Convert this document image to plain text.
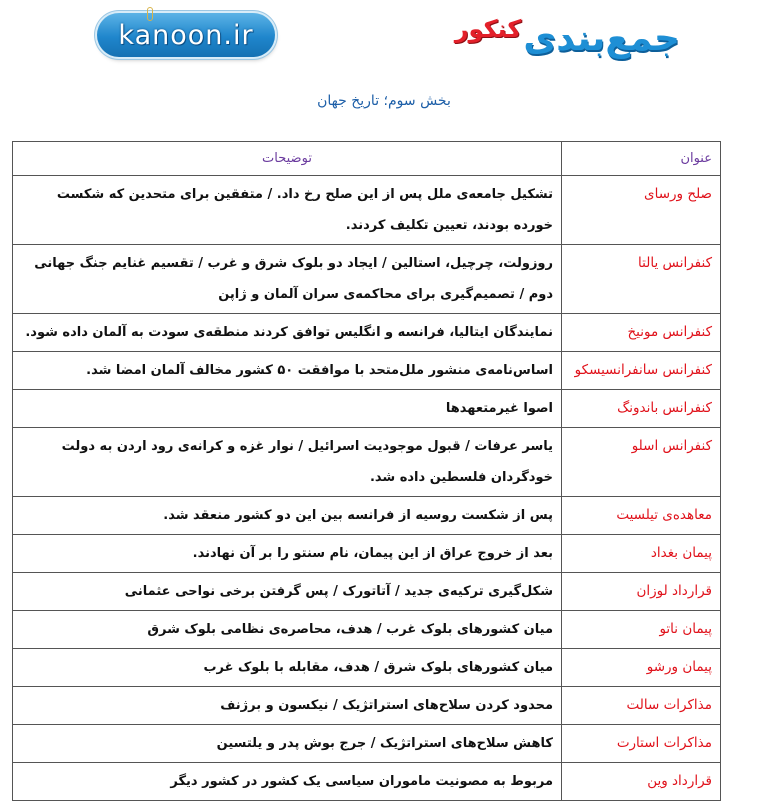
kanoon.ir	جمع‌بندی
کنکور
بخش سوم؛ تاریخ جهان
عنوان	توضیحات
صلح ورسای	تشکیل جامعه‌ی ملل پس از این صلح رخ داد. / متفقین برای متحدین که شکست خورده بودند، تعیین تکلیف کردند.
کنفرانس یالتا	روزولت، چرچیل، استالین / ایجاد دو بلوک شرق و غرب / تقسیم غنایم جنگ جهانی دوم / تصمیم‌گیری برای محاکمه‌ی سران آلمان و ژاپن
کنفرانس مونیخ	نمایندگان ایتالیا، فرانسه و انگلیس توافق کردند منطقه‌ی سودت به آلمان داده شود.
کنفرانس سانفرانسیسکو	اساس‌نامه‌ی منشور ملل‌متحد با موافقت ۵۰ کشور مخالف آلمان امضا شد.
کنفرانس باندونگ	اصوا غیرمتعهدها
کنفرانس اسلو	یاسر عرفات / قبول موجودیت اسرائیل / نوار غزه و کرانه‌ی رود اردن به دولت خودگردان فلسطین داده شد.
معاهده‌ی تیلسیت	پس از شکست روسیه از فرانسه بین این دو کشور منعقد شد.
پیمان بغداد	بعد از خروج عراق از این پیمان، نام سنتو را بر آن نهادند.
قرارداد لوزان	شکل‌گیری ترکیه‌ی جدید / آتاتورک / پس گرفتن برخی نواحی عثمانی
پیمان ناتو	میان کشورهای بلوک غرب / هدف، محاصره‌ی نظامی بلوک شرق
پیمان ورشو	میان کشورهای بلوک شرق / هدف، مقابله با بلوک غرب
مذاکرات سالت	محدود کردن سلاح‌های استراتژیک / نیکسون و برژنف
مذاکرات استارت	کاهش سلاح‌های استراتژیک / جرج بوش پدر و یلتسین
قرارداد وین	مربوط به مصونیت ماموران سیاسی یک کشور در کشور دیگر
